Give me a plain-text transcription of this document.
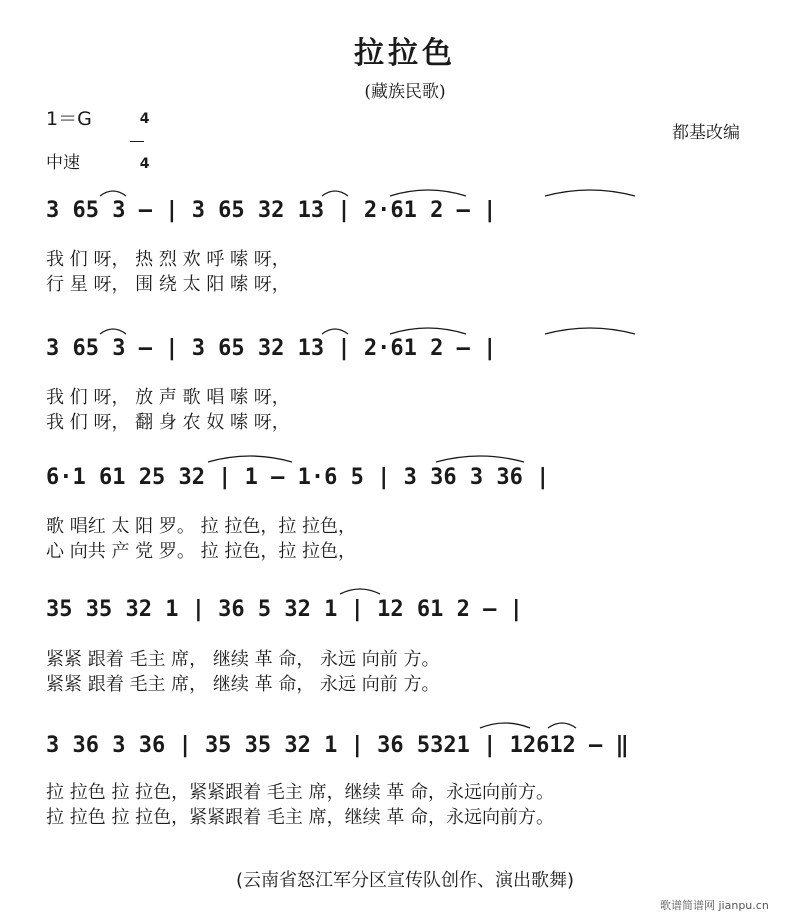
拉拉色
(藏族民歌)
1＝G	4

4

都基改编
中速
3 65 3 – | 3 65 32 13 | 2·61 2 – |
我 们 呀， 热 烈 欢 呼 嗦 呀，
行 星 呀， 围 绕 太 阳 嗦 呀，
3 65 3 – | 3 65 32 13 | 2·61 2 – |
我 们 呀， 放 声 歌 唱 嗦 呀，
我 们 呀， 翻 身 农 奴 嗦 呀，
6·1 61 25 32 | 1 – 1·6 5 | 3 36 3 36 |
歌 唱红 太 阳 罗。 拉 拉色，拉 拉色，
心 向共 产 党 罗。 拉 拉色，拉 拉色，
35 35 32 1 | 36 5 32 1 | 12 61 2 – |
紧紧 跟着 毛主 席， 继续 革 命， 永远 向前 方。
紧紧 跟着 毛主 席， 继续 革 命， 永远 向前 方。
3 36 3 36 | 35 35 32 1 | 36 5321 | 12612 – ‖
拉 拉色 拉 拉色，紧紧跟着 毛主 席，继续 革 命，永远向前方。
拉 拉色 拉 拉色，紧紧跟着 毛主 席，继续 革 命，永远向前方。
(云南省怒江军分区宣传队创作、演出歌舞)
歌谱简谱网 jianpu.cn
